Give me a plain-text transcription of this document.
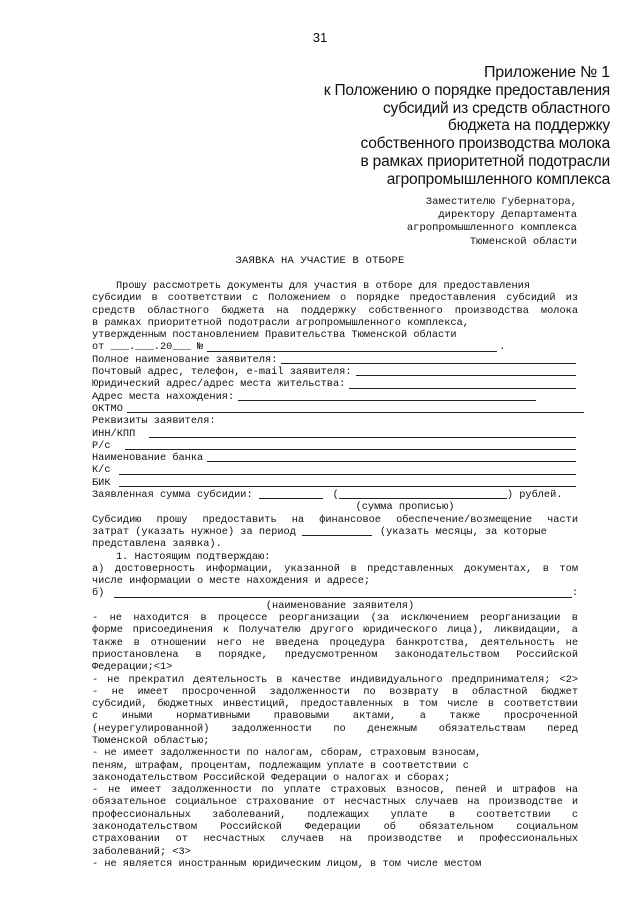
31
Приложение № 1
к Положению о порядке предоставления
субсидий из средств областного
бюджета на поддержку
собственного производства молока
в рамках приоритетной подотрасли
агропромышленного комплекса
Заместителю Губернатора,
директору Департамента
агропромышленного комплекса
Тюменской области
ЗАЯВКА НА УЧАСТИЕ В ОТБОРЕ
Прошу рассмотреть документы для участия в отборе для предоставления
субсидии в соответствии с Положением о порядке предоставления субсидий из
средств областного бюджета на поддержку собственного производства молока
в рамках приоритетной подотрасли агропромышленного комплекса,
утвержденным постановлением Правительства Тюменской области
от ___.___.20___ №	.
Полное наименование заявителя:
Почтовый адрес, телефон, e-mail заявителя:
Юридический адрес/адрес места жительства:
Адрес места нахождения:
ОКТМО
Реквизиты заявителя:
ИНН/КПП
Р/с
Наименование банка
К/с
БИК
Заявленная сумма субсидии:	(	) рублей.
(сумма прописью)
Субсидию прошу предоставить на финансовое обеспечение/возмещение части
затрат (указать нужное) за период	(указать месяцы, за которые
представлена заявка).
1. Настоящим подтверждаю:
а) достоверность информации, указанной в представленных документах, в том
числе информации о месте нахождения и адресе;
б)	:
(наименование заявителя)
- не находится в процессе реорганизации (за исключением реорганизации в
форме присоединения к Получателю другого юридического лица), ликвидации, а
также в отношении него не введена процедура банкротства, деятельность не
приостановлена в порядке, предусмотренном законодательством Российской
Федерации;<1>
- не прекратил деятельность в качестве индивидуального предпринимателя; <2>
- не имеет просроченной задолженности по возврату в областной бюджет
субсидий, бюджетных инвестиций, предоставленных в том числе в соответствии
с иными нормативными правовыми актами, а также просроченной
(неурегулированной) задолженности по денежным обязательствам перед
Тюменской областью;
- не имеет задолженности по налогам, сборам, страховым взносам,
пеням, штрафам, процентам, подлежащим уплате в соответствии с
законодательством Российской Федерации о налогах и сборах;
- не имеет задолженности по уплате страховых взносов, пеней и штрафов на
обязательное социальное страхование от несчастных случаев на производстве и
профессиональных заболеваний, подлежащих уплате в соответствии с
законодательством Российской Федерации об обязательном социальном
страховании от несчастных случаев на производстве и профессиональных
заболеваний; <3>
- не является иностранным юридическим лицом, в том числе местом
